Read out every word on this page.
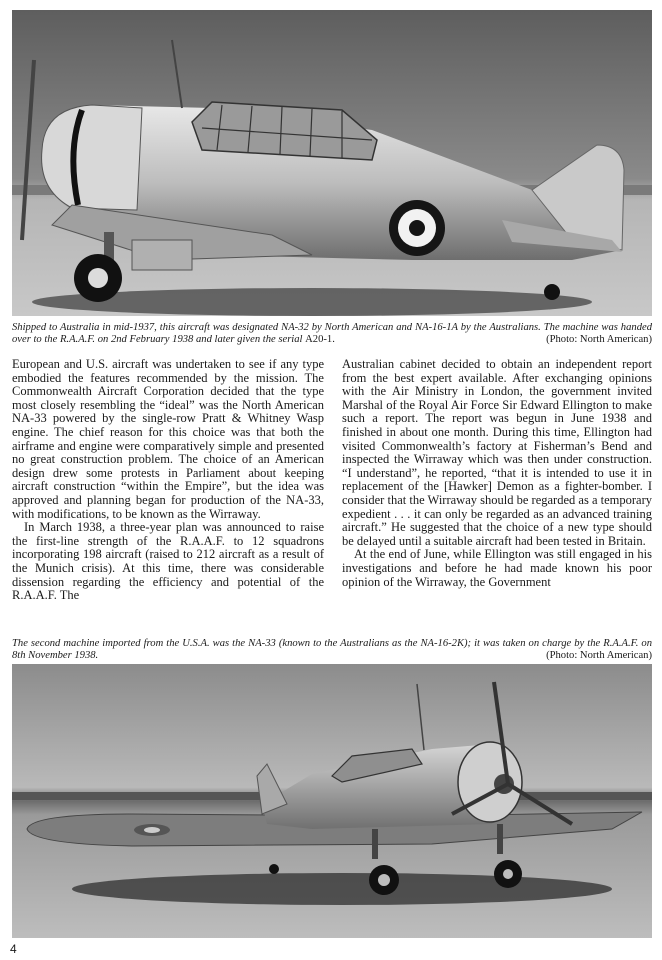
Shipped to Australia in mid-1937, this aircraft was designated NA-32 by North American and NA-16-1A by the Australians. The machine was handed over to the R.A.A.F. on 2nd February 1938 and later given the serial A20-1.	(Photo: North American)

European and U.S. aircraft was undertaken to see if any type embodied the features recommended by the mission. The Commonwealth Aircraft Corporation decided that the type most closely resembling the “ideal” was the North American NA-33 powered by the single-row Pratt & Whitney Wasp engine. The chief reason for this choice was that both the airframe and engine were comparatively simple and presented no great construction problem. The choice of an American design drew some protests in Parliament about keeping aircraft construction “within the Empire”, but the idea was approved and planning began for production of the NA-33, with modifications, to be known as the Wirraway.

In March 1938, a three-year plan was announced to raise the first-line strength of the R.A.A.F. to 12 squadrons incorporating 198 aircraft (raised to 212 aircraft as a result of the Munich crisis). At this time, there was considerable dissension regarding the efficiency and potential of the R.A.A.F. The

Australian cabinet decided to obtain an independent report from the best expert available. After exchanging opinions with the Air Ministry in London, the government invited Marshal of the Royal Air Force Sir Edward Ellington to make such a report. The report was begun in June 1938 and finished in about one month. During this time, Ellington had visited Commonwealth’s factory at Fisherman’s Bend and inspected the Wirraway which was then under construction. “I understand”, he reported, “that it is intended to use it in replacement of the [Hawker] Demon as a fighter-bomber. I consider that the Wirraway should be regarded as a temporary expedient . . . it can only be regarded as an advanced training aircraft.” He suggested that the choice of a new type should be delayed until a suitable aircraft had been tested in Britain.

At the end of June, while Ellington was still engaged in his investigations and before he had made known his poor opinion of the Wirraway, the Government

The second machine imported from the U.S.A. was the NA-33 (known to the Australians as the NA-16-2K); it was taken on charge by the R.A.A.F. on 8th November 1938.	(Photo: North American)
4
